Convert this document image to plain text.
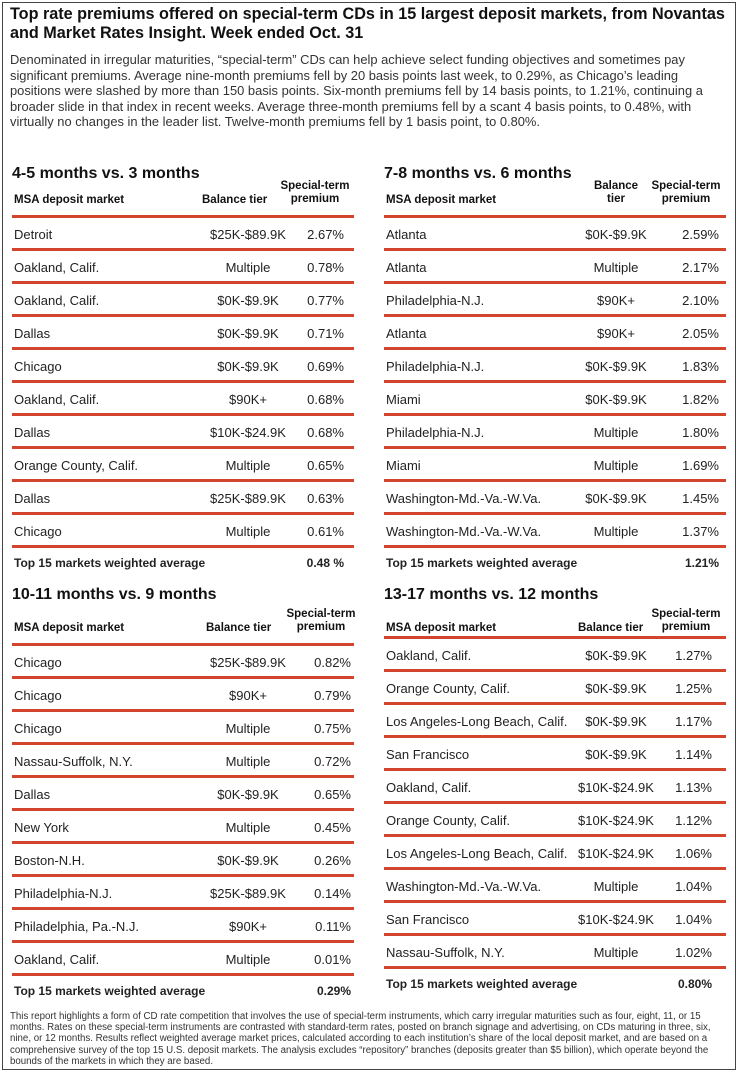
Top rate premiums offered on special-term CDs in 15 largest deposit markets, from Novantas and Market Rates Insight. Week ended Oct. 31
Denominated in irregular maturities, “special-term” CDs can help achieve select funding objectives and sometimes pay significant premiums. Average nine-month premiums fell by 20 basis points last week, to 0.29%, as Chicago’s leading positions were slashed by more than 150 basis points. Six-month premiums fell by 14 basis points, to 1.21%, continuing a broader slide in that index in recent weeks. Average three-month premiums fell by a scant 4 basis points, to 0.48%, with virtually no changes in the leader list. Twelve-month premiums fell by 1 basis point, to 0.80%.
4-5 months vs. 3 months
MSA deposit market	Balance tier
Special-term
premium
Detroit	$25K-$89.9K	2.67%
Oakland, Calif.	Multiple	0.78%
Oakland, Calif.	$0K-$9.9K	0.77%
Dallas	$0K-$9.9K	0.71%
Chicago	$0K-$9.9K	0.69%
Oakland, Calif.	$90K+	0.68%
Dallas	$10K-$24.9K	0.68%
Orange County, Calif.	Multiple	0.65%
Dallas	$25K-$89.9K	0.63%
Chicago	Multiple	0.61%
Top 15 markets weighted average	0.48 %
7-8 months vs. 6 months
MSA deposit market
Balance
tier
Special-term
premium
Atlanta	$0K-$9.9K	2.59%
Atlanta	Multiple	2.17%
Philadelphia-N.J.	$90K+	2.10%
Atlanta	$90K+	2.05%
Philadelphia-N.J.	$0K-$9.9K	1.83%
Miami	$0K-$9.9K	1.82%
Philadelphia-N.J.	Multiple	1.80%
Miami	Multiple	1.69%
Washington-Md.-Va.-W.Va.	$0K-$9.9K	1.45%
Washington-Md.-Va.-W.Va.	Multiple	1.37%
Top 15 markets weighted average	1.21%
10-11 months vs. 9 months
MSA deposit market	Balance tier
Special-term
premium
Chicago	$25K-$89.9K	0.82%
Chicago	$90K+	0.79%
Chicago	Multiple	0.75%
Nassau-Suffolk, N.Y.	Multiple	0.72%
Dallas	$0K-$9.9K	0.65%
New York	Multiple	0.45%
Boston-N.H.	$0K-$9.9K	0.26%
Philadelphia-N.J.	$25K-$89.9K	0.14%
Philadelphia, Pa.-N.J.	$90K+	0.11%
Oakland, Calif.	Multiple	0.01%
Top 15 markets weighted average	0.29%
13-17 months vs. 12 months
MSA deposit market	Balance tier
Special-term
premium
Oakland, Calif.	$0K-$9.9K	1.27%
Orange County, Calif.	$0K-$9.9K	1.25%
Los Angeles-Long Beach, Calif.	$0K-$9.9K	1.17%
San Francisco	$0K-$9.9K	1.14%
Oakland, Calif.	$10K-$24.9K	1.13%
Orange County, Calif.	$10K-$24.9K	1.12%
Los Angeles-Long Beach, Calif. $10K-$24.9K	1.06%
Washington-Md.-Va.-W.Va.	Multiple	1.04%
San Francisco	$10K-$24.9K	1.04%
Nassau-Suffolk, N.Y.	Multiple	1.02%
Top 15 markets weighted average	0.80%
This report highlights a form of CD rate competition that involves the use of special-term instruments, which carry irregular maturities such as four, eight, 11, or 15 months. Rates on these special-term instruments are contrasted with standard-term rates, posted on branch signage and advertising, on CDs maturing in three, six, nine, or 12 months. Results reflect weighted average market prices, calculated according to each institution’s share of the local deposit market, and are based on a comprehensive survey of the top 15 U.S. deposit markets. The analysis excludes “repository” branches (deposits greater than $5 billion), which operate beyond the bounds of the markets in which they are based.
